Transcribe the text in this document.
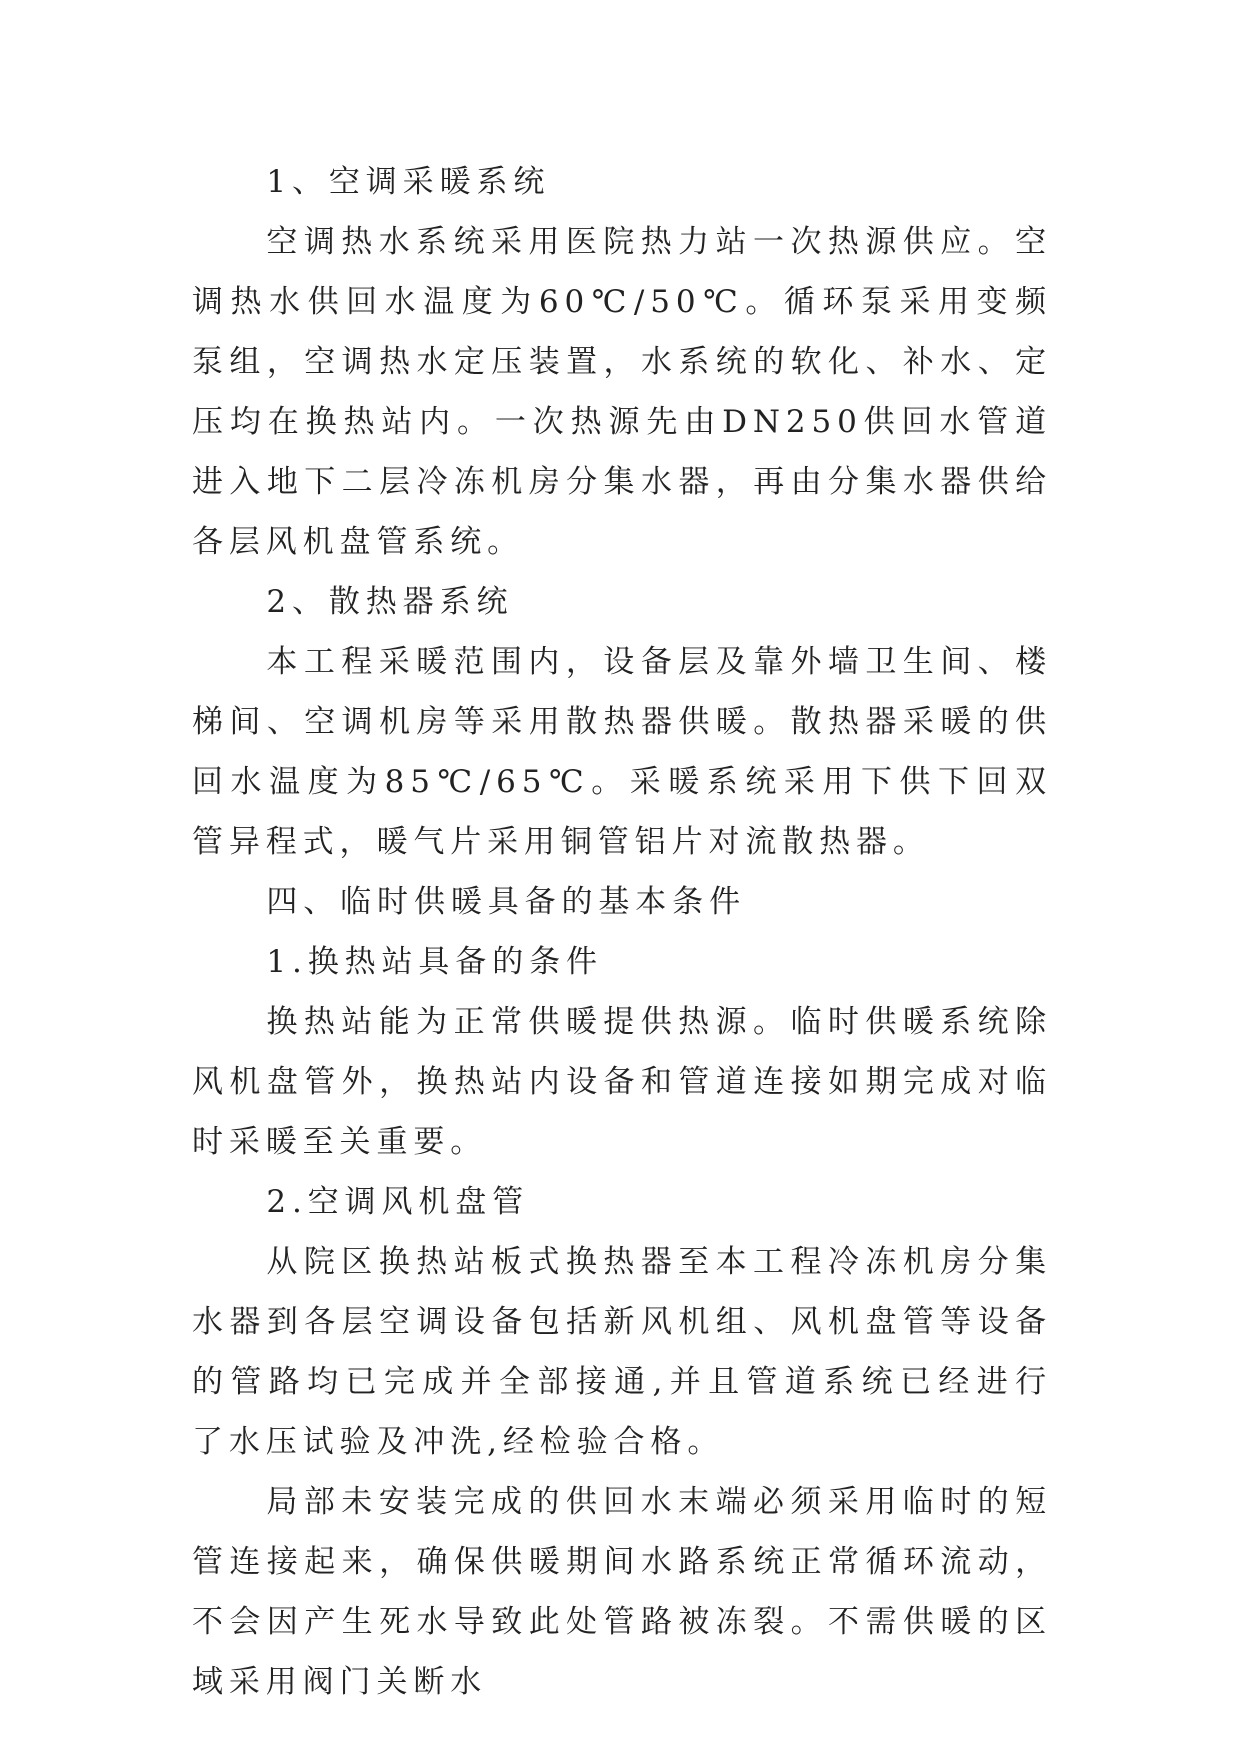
1、空调采暖系统

空调热水系统采用医院热力站一次热源供应。空调热水供回水温度为60℃/50℃。循环泵采用变频泵组，空调热水定压装置，水系统的软化、补水、定压均在换热站内。一次热源先由DN250供回水管道进入地下二层冷冻机房分集水器，再由分集水器供给各层风机盘管系统。

2、散热器系统

本工程采暖范围内，设备层及靠外墙卫生间、楼梯间、空调机房等采用散热器供暖。散热器采暖的供回水温度为85℃/65℃。采暖系统采用下供下回双管异程式，暖气片采用铜管铝片对流散热器。

四、临时供暖具备的基本条件

1.换热站具备的条件

换热站能为正常供暖提供热源。临时供暖系统除风机盘管外，换热站内设备和管道连接如期完成对临时采暖至关重要。

2.空调风机盘管

从院区换热站板式换热器至本工程冷冻机房分集水器到各层空调设备包括新风机组、风机盘管等设备的管路均已完成并全部接通,并且管道系统已经进行了水压试验及冲洗,经检验合格。

局部未安装完成的供回水末端必须采用临时的短管连接起来，确保供暖期间水路系统正常循环流动，不会因产生死水导致此处管路被冻裂。不需供暖的区域采用阀门关断水
